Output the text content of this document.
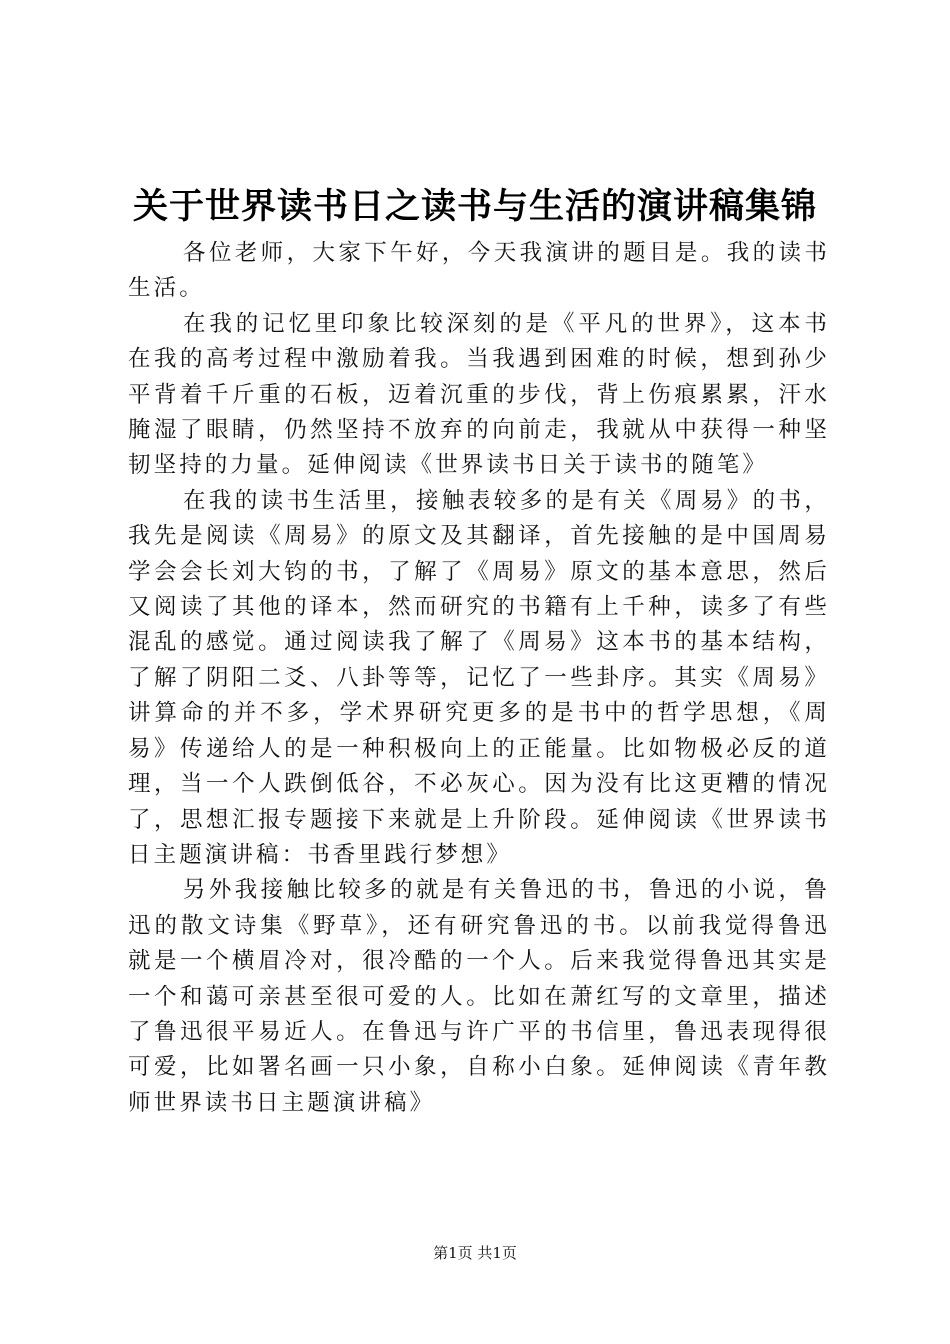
关于世界读书日之读书与生活的演讲稿集锦

各位老师，大家下午好，今天我演讲的题目是。我的读书生活。

在我的记忆里印象比较深刻的是《平凡的世界》，这本书在我的高考过程中激励着我。当我遇到困难的时候，想到孙少平背着千斤重的石板，迈着沉重的步伐，背上伤痕累累，汗水腌湿了眼睛，仍然坚持不放弃的向前走，我就从中获得一种坚韧坚持的力量。延伸阅读《世界读书日关于读书的随笔》

在我的读书生活里，接触表较多的是有关《周易》的书，我先是阅读《周易》的原文及其翻译，首先接触的是中国周易学会会长刘大钧的书，了解了《周易》原文的基本意思，然后又阅读了其他的译本，然而研究的书籍有上千种，读多了有些混乱的感觉。通过阅读我了解了《周易》这本书的基本结构，了解了阴阳二爻、八卦等等，记忆了一些卦序。其实《周易》讲算命的并不多，学术界研究更多的是书中的哲学思想，《周易》传递给人的是一种积极向上的正能量。比如物极必反的道理，当一个人跌倒低谷，不必灰心。因为没有比这更糟的情况了，思想汇报专题接下来就是上升阶段。延伸阅读《世界读书日主题演讲稿：书香里践行梦想》

另外我接触比较多的就是有关鲁迅的书，鲁迅的小说，鲁迅的散文诗集《野草》，还有研究鲁迅的书。以前我觉得鲁迅就是一个横眉冷对，很冷酷的一个人。后来我觉得鲁迅其实是一个和蔼可亲甚至很可爱的人。比如在萧红写的文章里，描述了鲁迅很平易近人。在鲁迅与许广平的书信里，鲁迅表现得很可爱，比如署名画一只小象，自称小白象。延伸阅读《青年教师世界读书日主题演讲稿》

第1页 共1页
